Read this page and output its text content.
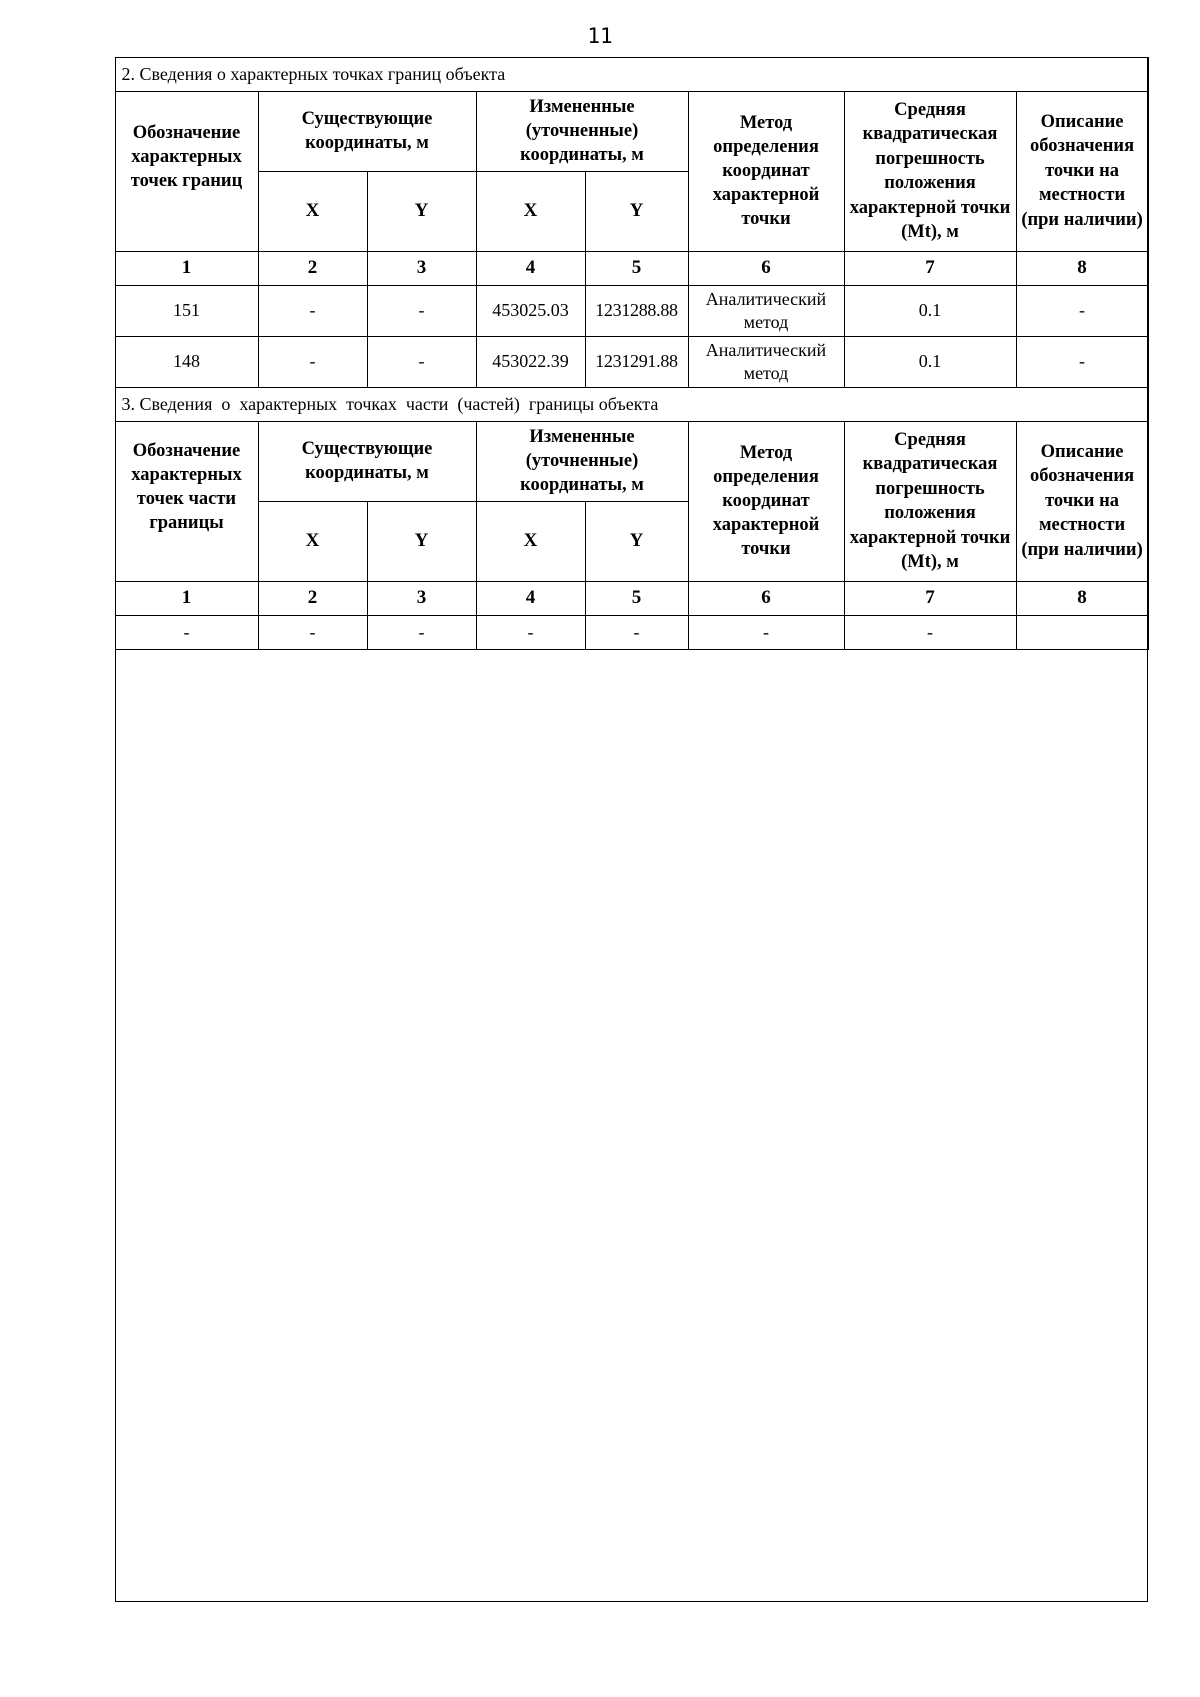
11
2. Сведения о характерных точках границ объекта							

Обозначение характерных точек границ	Существующие координаты, м		Измененные (уточненные) координаты, м		Метод определения координат характерной точки	Средняя квадратическая погрешность положения характерной точки (Mt), м	Описание обозначения точки на местности (при наличии)

	X	Y	X	Y			
1	2	3	4	5	6	7	8
151	-	-	453025.03	1231288.88	Аналитический метод	0.1	-
148	-	-	453022.39	1231291.88	Аналитический метод	0.1	-
3. Сведения  о  характерных  точках  части  (частей)  границы объекта							

Обозначение характерных точек части границы	Существующие координаты, м		Измененные (уточненные) координаты, м		Метод определения координат характерной точки	Средняя квадратическая погрешность положения характерной точки (Mt), м	Описание обозначения точки на местности (при наличии)

	X	Y	X	Y			
1	2	3	4	5	6	7	8
-	-	-	-	-	-	-	
